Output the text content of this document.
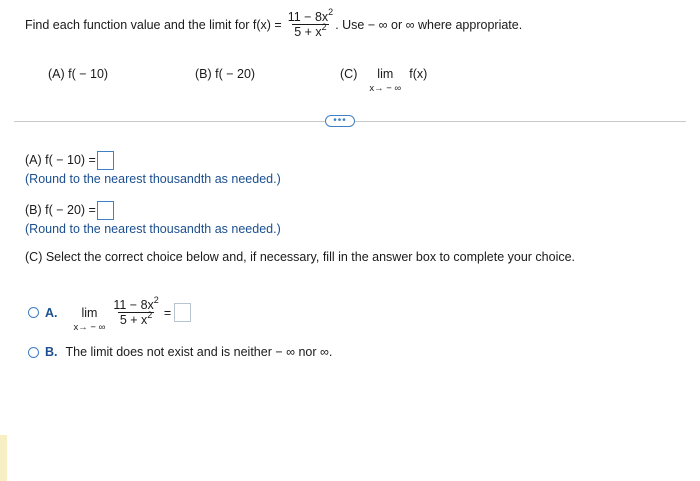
Find each function value and the limit for $f(x) = \frac{11 - 8x^2}{5 + x^2}$ . Use − ∞ or ∞ where appropriate.
(A) f( − 10)	(B) f( − 20)	(C) lim
x→ − ∞
f(x)
•••
(A) f( − 10) =
(Round to the nearest thousandth as needed.)
(B) f( − 20) =
(Round to the nearest thousandth as needed.)
(C) Select the correct choice below and, if necessary, fill in the answer box to complete your choice.
A. lim
x→ − ∞
$\frac{11 - 8x^2}{5 + x^2}$ =
B. The limit does not exist and is neither − ∞ nor ∞.
